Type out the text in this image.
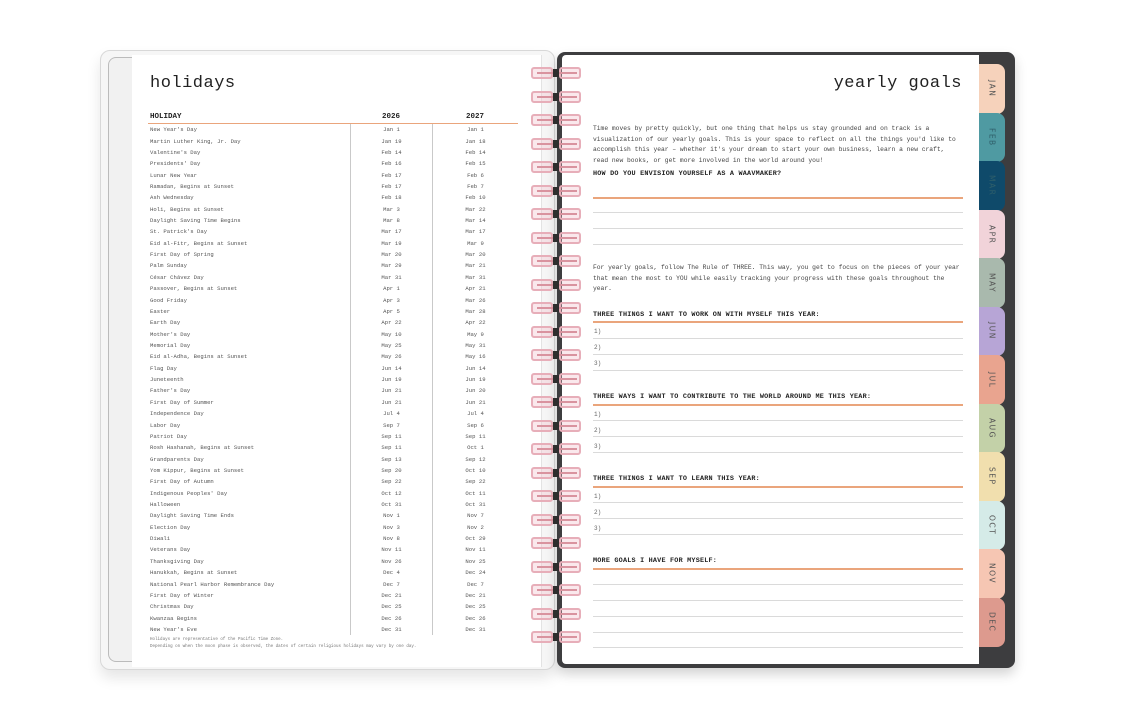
holidays
HOLIDAY	2026	2027
New Year's Day	Jan 1	Jan 1
Martin Luther King, Jr. Day	Jan 19	Jan 18
Valentine's Day	Feb 14	Feb 14
Presidents' Day	Feb 16	Feb 15
Lunar New Year	Feb 17	Feb 6
Ramadan, Begins at Sunset	Feb 17	Feb 7
Ash Wednesday	Feb 18	Feb 10
Holi, Begins at Sunset	Mar 3	Mar 22
Daylight Saving Time Begins	Mar 8	Mar 14
St. Patrick's Day	Mar 17	Mar 17
Eid al-Fitr, Begins at Sunset	Mar 19	Mar 9
First Day of Spring	Mar 20	Mar 20
Palm Sunday	Mar 29	Mar 21
César Chávez Day	Mar 31	Mar 31
Passover, Begins at Sunset	Apr 1	Apr 21
Good Friday	Apr 3	Mar 26
Easter	Apr 5	Mar 28
Earth Day	Apr 22	Apr 22
Mother's Day	May 10	May 9
Memorial Day	May 25	May 31
Eid al-Adha, Begins at Sunset	May 26	May 16
Flag Day	Jun 14	Jun 14
Juneteenth	Jun 19	Jun 19
Father's Day	Jun 21	Jun 20
First Day of Summer	Jun 21	Jun 21
Independence Day	Jul 4	Jul 4
Labor Day	Sep 7	Sep 6
Patriot Day	Sep 11	Sep 11
Rosh Hashanah, Begins at Sunset	Sep 11	Oct 1
Grandparents Day	Sep 13	Sep 12
Yom Kippur, Begins at Sunset	Sep 20	Oct 10
First Day of Autumn	Sep 22	Sep 22
Indigenous Peoples' Day	Oct 12	Oct 11
Halloween	Oct 31	Oct 31
Daylight Saving Time Ends	Nov 1	Nov 7
Election Day	Nov 3	Nov 2
Diwali	Nov 8	Oct 29
Veterans Day	Nov 11	Nov 11
Thanksgiving Day	Nov 26	Nov 25
Hanukkah, Begins at Sunset	Dec 4	Dec 24
National Pearl Harbor Remembrance Day	Dec 7	Dec 7
First Day of Winter	Dec 21	Dec 21
Christmas Day	Dec 25	Dec 25
Kwanzaa Begins	Dec 26	Dec 26
New Year's Eve	Dec 31	Dec 31
Holidays are representative of the Pacific Time Zone.
Depending on when the moon phase is observed, the dates of certain religious holidays may vary by one day.
yearly goals
Time moves by pretty quickly, but one thing that helps us stay grounded and on track is a visualization of our yearly goals. This is your space to reflect on all the things you'd like to accomplish this year – whether it's your dream to start your own business, learn a new craft, read new books, or get more involved in the world around you!
HOW DO YOU ENVISION YOURSELF AS A WAAVMAKER?
For yearly goals, follow The Rule of THREE. This way, you get to focus on the pieces of your year that mean the most to YOU while easily tracking your progress with these goals throughout the year.
THREE THINGS I WANT TO WORK ON WITH MYSELF THIS YEAR:
1)
2)
3)
THREE WAYS I WANT TO CONTRIBUTE TO THE WORLD AROUND ME THIS YEAR:
1)
2)
3)
THREE THINGS I WANT TO LEARN THIS YEAR:
1)
2)
3)
MORE GOALS I HAVE FOR MYSELF:
JAN
FEB
MAR
APR
MAY
JUN
JUL
AUG
SEP
OCT
NOV
DEC
